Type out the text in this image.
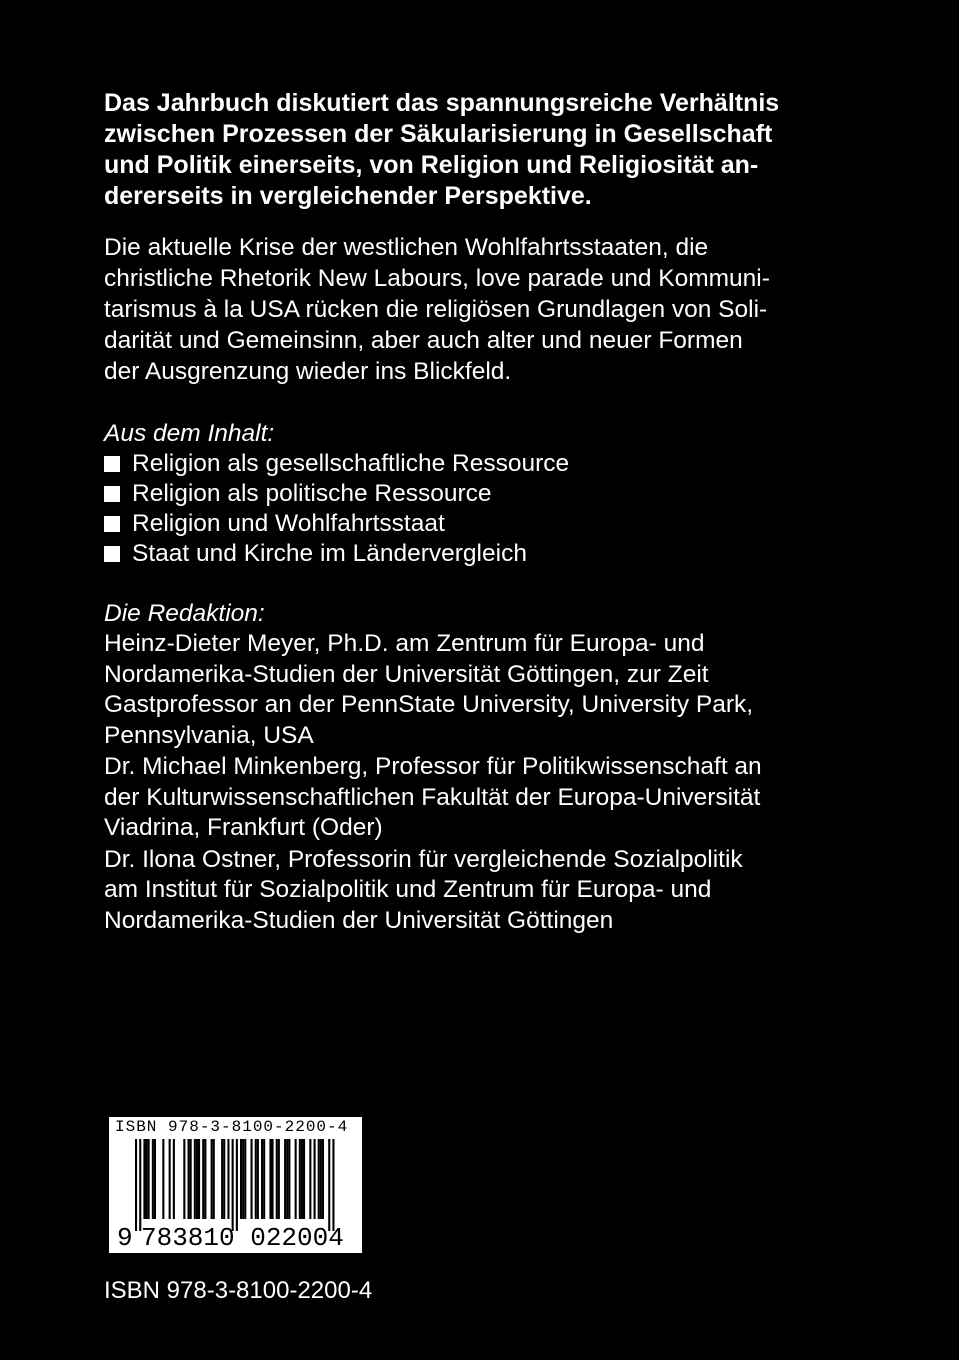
Das Jahrbuch diskutiert das spannungsreiche Verhältnis
zwischen Prozessen der Säkularisierung in Gesellschaft
und Politik einerseits, von Religion und Religiosität an-
dererseits in vergleichender Perspektive.

Die aktuelle Krise der westlichen Wohlfahrtsstaaten, die
christliche Rhetorik New Labours, love parade und Kommuni-
tarismus à la USA rücken die religiösen Grundlagen von Soli-
darität und Gemeinsinn, aber auch alter und neuer Formen
der Ausgrenzung wieder ins Blickfeld.

Aus dem Inhalt:
Religion als gesellschaftliche Ressource
Religion als politische Ressource
Religion und Wohlfahrtsstaat
Staat und Kirche im Ländervergleich
Die Redaktion:
Heinz-Dieter Meyer, Ph.D. am Zentrum für Europa- und
Nordamerika-Studien der Universität Göttingen, zur Zeit
Gastprofessor an der PennState University, University Park,
Pennsylvania, USA
Dr. Michael Minkenberg, Professor für Politikwissenschaft an
der Kulturwissenschaftlichen Fakultät der Europa-Universität
Viadrina, Frankfurt (Oder)
Dr. Ilona Ostner, Professorin für vergleichende Sozialpolitik
am Institut für Sozialpolitik und Zentrum für Europa- und
Nordamerika-Studien der Universität Göttingen
ISBN 978-3-8100-2200-4
9 783810 022004
ISBN 978-3-8100-2200-4
